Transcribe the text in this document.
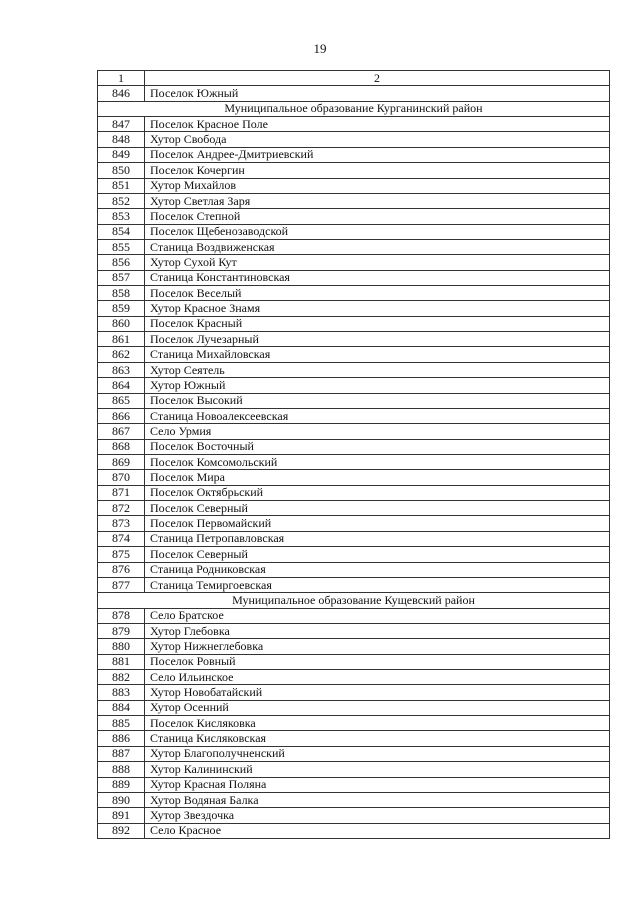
19
1	2
846	Поселок Южный
Муниципальное образование Курганинский район	
847	Поселок Красное Поле
848	Хутор Свобода
849	Поселок Андрее-Дмитриевский
850	Поселок Кочергин
851	Хутор Михайлов
852	Хутор Светлая Заря
853	Поселок Степной
854	Поселок Щебенозаводской
855	Станица Воздвиженская
856	Хутор Сухой Кут
857	Станица Константиновская
858	Поселок Веселый
859	Хутор Красное Знамя
860	Поселок Красный
861	Поселок Лучезарный
862	Станица Михайловская
863	Хутор Сеятель
864	Хутор Южный
865	Поселок Высокий
866	Станица Новоалексеевская
867	Село Урмия
868	Поселок Восточный
869	Поселок Комсомольский
870	Поселок Мира
871	Поселок Октябрьский
872	Поселок Северный
873	Поселок Первомайский
874	Станица Петропавловская
875	Поселок Северный
876	Станица Родниковская
877	Станица Темиргоевская
Муниципальное образование Кущевский район	
878	Село Братское
879	Хутор Глебовка
880	Хутор Нижнеглебовка
881	Поселок Ровный
882	Село Ильинское
883	Хутор Новобатайский
884	Хутор Осенний
885	Поселок Кисляковка
886	Станица Кисляковская
887	Хутор Благополучненский
888	Хутор Калининский
889	Хутор Красная Поляна
890	Хутор Водяная Балка
891	Хутор Звездочка
892	Село Красное
